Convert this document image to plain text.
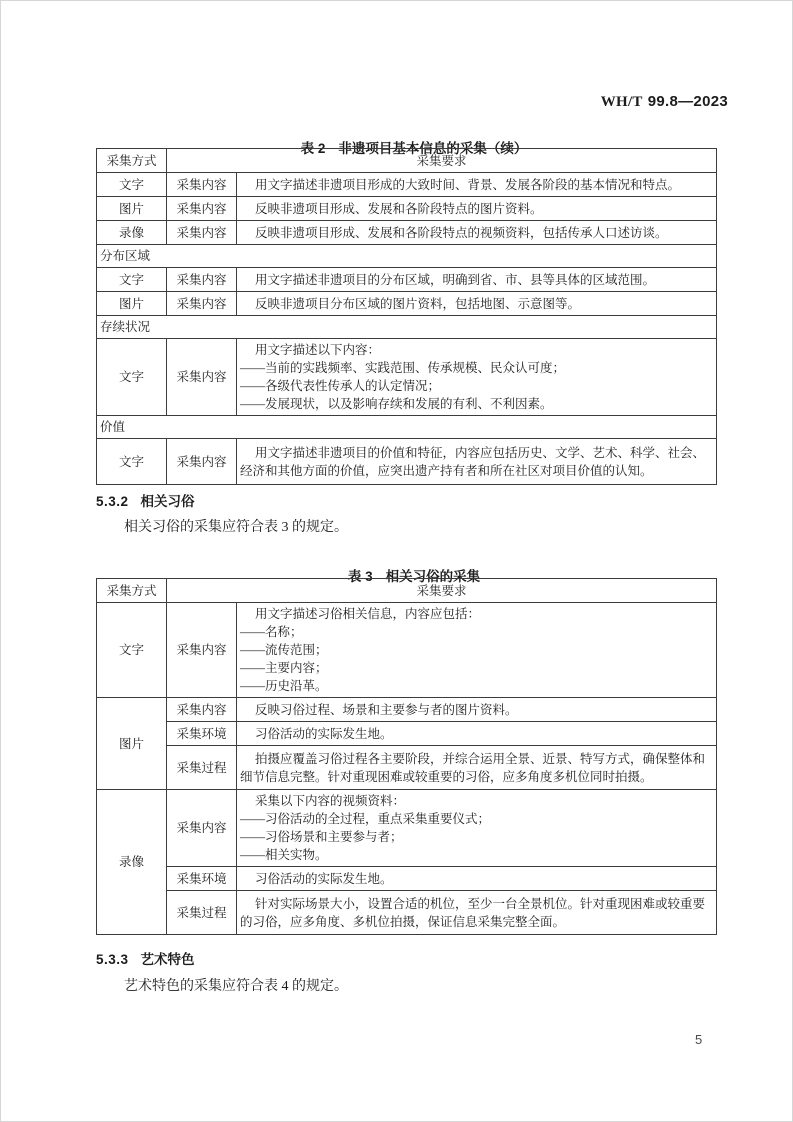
WH/T 99.8—2023

表 2 非遗项目基本信息的采集（续）

采集方式	采集要求	
文字	采集内容	用文字描述非遗项目形成的大致时间、背景、发展各阶段的基本情况和特点。

图片	采集内容	反映非遗项目形成、发展和各阶段特点的图片资料。

录像	采集内容	反映非遗项目形成、发展和各阶段特点的视频资料，包括传承人口述访谈。

分布区域		
文字	采集内容	用文字描述非遗项目的分布区域，明确到省、市、县等具体的区域范围。

图片	采集内容	反映非遗项目分布区域的图片资料，包括地图、示意图等。

存续状况		
文字	采集内容	用文字描述以下内容：
——当前的实践频率、实践范围、传承规模、民众认可度；
——各级代表性传承人的认定情况；
——发展现状，以及影响存续和发展的有利、不利因素。

价值		
文字	采集内容	用文字描述非遗项目的价值和特征，内容应包括历史、文学、艺术、科学、社会、经济和其他方面的价值，应突出遗产持有者和所在社区对项目价值的认知。
5.3.2 相关习俗
相关习俗的采集应符合表 3 的规定。

表 3 相关习俗的采集

采集方式	采集要求	
文字	采集内容	用文字描述习俗相关信息，内容应包括：
——名称；
——流传范围；
——主要内容；
——历史沿革。

图片	采集内容	反映习俗过程、场景和主要参与者的图片资料。

	采集环境	习俗活动的实际发生地。

	采集过程	拍摄应覆盖习俗过程各主要阶段，并综合运用全景、近景、特写方式，确保整体和细节信息完整。针对重现困难或较重要的习俗，应多角度多机位同时拍摄。

录像	采集内容	采集以下内容的视频资料：
——习俗活动的全过程，重点采集重要仪式；
——习俗场景和主要参与者；
——相关实物。

	采集环境	习俗活动的实际发生地。

	采集过程	针对实际场景大小，设置合适的机位，至少一台全景机位。针对重现困难或较重要的习俗，应多角度、多机位拍摄，保证信息采集完整全面。
5.3.3 艺术特色
艺术特色的采集应符合表 4 的规定。
5
